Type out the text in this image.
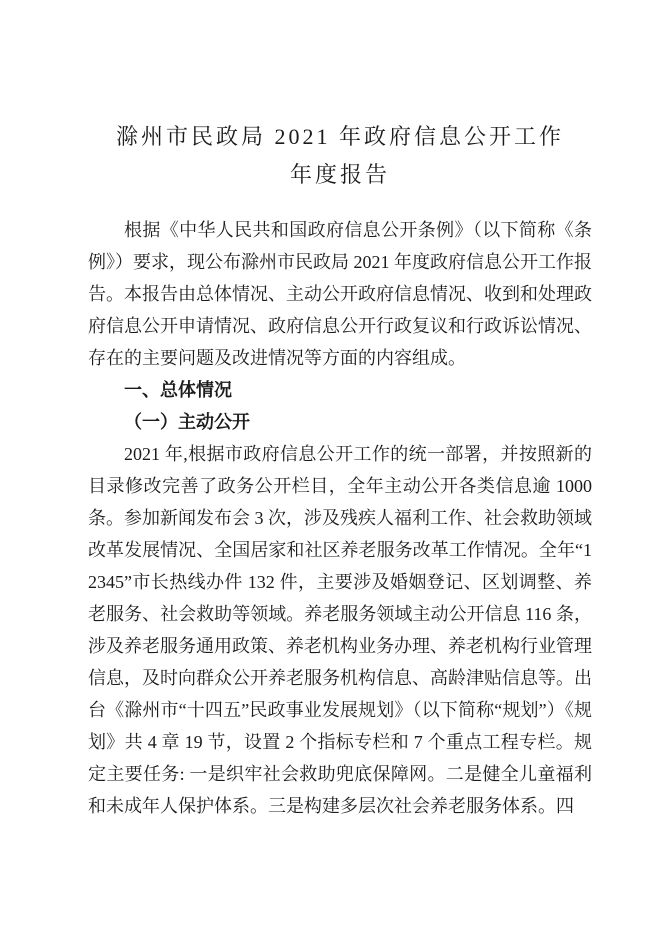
滁州市民政局 2021 年政府信息公开工作
年度报告

根据《中华人民共和国政府信息公开条例》（以下简称《条例》）要求，现公布滁州市民政局 2021 年度政府信息公开工作报告。本报告由总体情况、主动公开政府信息情况、收到和处理政府信息公开申请情况、政府信息公开行政复议和行政诉讼情况、存在的主要问题及改进情况等方面的内容组成。

一、总体情况
（一）主动公开

2021 年,根据市政府信息公开工作的统一部署，并按照新的目录修改完善了政务公开栏目，全年主动公开各类信息逾 1000 条。参加新闻发布会 3 次，涉及残疾人福利工作、社会救助领域改革发展情况、全国居家和社区养老服务改革工作情况。全年“12345”市长热线办件 132 件，主要涉及婚姻登记、区划调整、养老服务、社会救助等领域。养老服务领域主动公开信息 116 条，涉及养老服务通用政策、养老机构业务办理、养老机构行业管理信息，及时向群众公开养老服务机构信息、高龄津贴信息等。出台《滁州市“十四五”民政事业发展规划》（以下简称“规划”）《规划》共 4 章 19 节，设置 2 个指标专栏和 7 个重点工程专栏。规定主要任务: 一是织牢社会救助兜底保障网。二是健全儿童福利和未成年人保护体系。三是构建多层次社会养老服务体系。四
